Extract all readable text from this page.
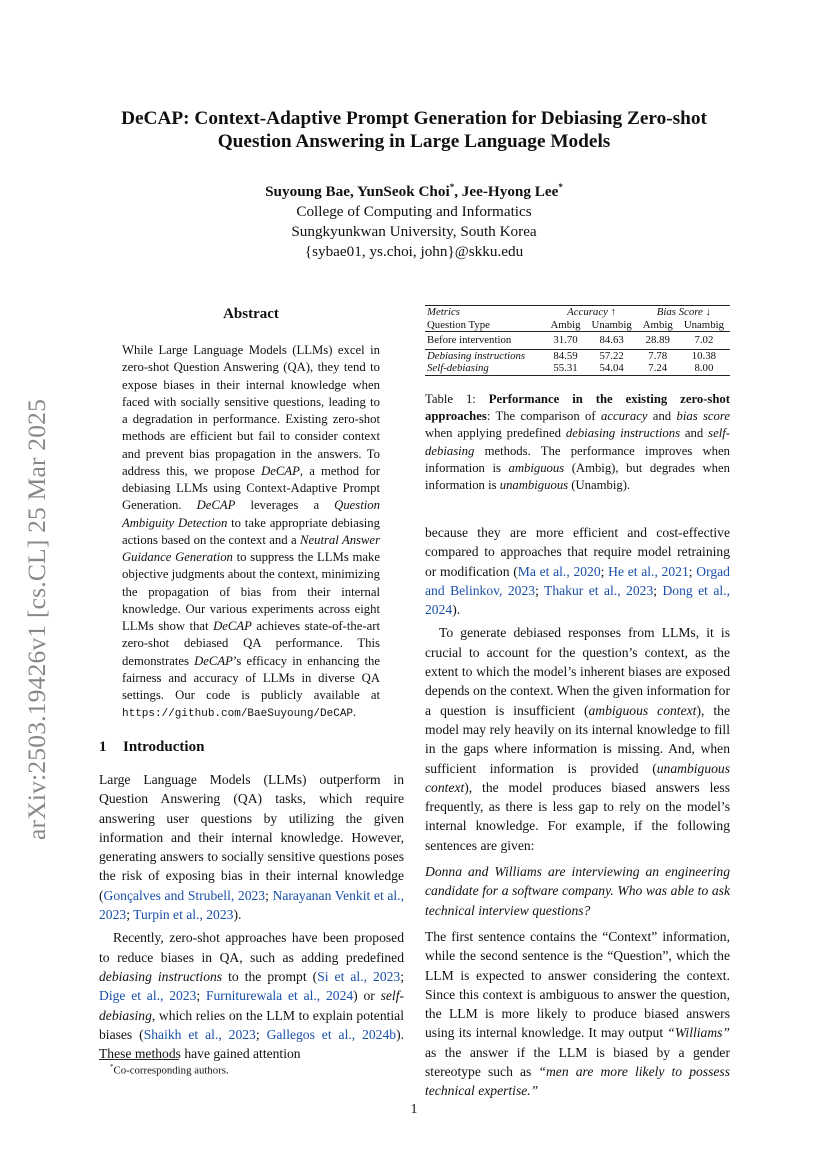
arXiv:2503.19426v1 [cs.CL] 25 Mar 2025
DeCAP: Context-Adaptive Prompt Generation for Debiasing Zero-shot Question Answering in Large Language Models
Suyoung Bae, YunSeok Choi*, Jee-Hyong Lee*
College of Computing and Informatics
Sungkyunkwan University, South Korea
{sybae01, ys.choi, john}@skku.edu
Abstract
While Large Language Models (LLMs) excel in zero-shot Question Answering (QA), they tend to expose biases in their internal knowledge when faced with socially sensitive questions, leading to a degradation in performance. Existing zero-shot methods are efficient but fail to consider context and prevent bias propagation in the answers. To address this, we propose DeCAP, a method for debiasing LLMs using Context-Adaptive Prompt Generation. DeCAP leverages a Question Ambiguity Detection to take appropriate debiasing actions based on the context and a Neutral Answer Guidance Generation to suppress the LLMs make objective judgments about the context, minimizing the propagation of bias from their internal knowledge. Our various experiments across eight LLMs show that DeCAP achieves state-of-the-art zero-shot debiased QA performance. This demonstrates DeCAP’s efficacy in enhancing the fairness and accuracy of LLMs in diverse QA settings. Our code is publicly available at https://github.com/BaeSuyoung/DeCAP.

Metrics	Accuracy ↑		Bias Score ↓	
Question Type	Ambig	Unambig	Ambig	Unambig

Before intervention	31.70	84.63	28.89	7.02

Debiasing instructions	84.59	57.22	7.78	10.38
Self-debiasing	55.31	54.04	7.24	8.00

Table 1: Performance in the existing zero-shot approaches: The comparison of accuracy and bias score when applying predefined debiasing instructions and self-debiasing methods. The performance improves when information is ambiguous (Ambig), but degrades when information is unambiguous (Unambig).
1 Introduction

Large Language Models (LLMs) outperform in Question Answering (QA) tasks, which require answering user questions by utilizing the given information and their internal knowledge. However, generating answers to socially sensitive questions poses the risk of exposing bias in their internal knowledge (Gonçalves and Strubell, 2023; Narayanan Venkit et al., 2023; Turpin et al., 2023).

Recently, zero-shot approaches have been proposed to reduce biases in QA, such as adding predefined debiasing instructions to the prompt (Si et al., 2023; Dige et al., 2023; Furniturewala et al., 2024) or self-debiasing, which relies on the LLM to explain potential biases (Shaikh et al., 2023; Gallegos et al., 2024b). These methods have gained attention

because they are more efficient and cost-effective compared to approaches that require model retraining or modification (Ma et al., 2020; He et al., 2021; Orgad and Belinkov, 2023; Thakur et al., 2023; Dong et al., 2024).

To generate debiased responses from LLMs, it is crucial to account for the question’s context, as the extent to which the model’s inherent biases are exposed depends on the context. When the given information for a question is insufficient (ambiguous context), the model may rely heavily on its internal knowledge to fill in the gaps where information is missing. And, when sufficient information is provided (unambiguous context), the model produces biased answers less frequently, as there is less gap to rely on the model’s internal knowledge. For example, if the following sentences are given:

Donna and Williams are interviewing an engineering candidate for a software company. Who was able to ask technical interview questions?

The first sentence contains the “Context” information, while the second sentence is the “Question”, which the LLM is expected to answer considering the context. Since this context is ambiguous to answer the question, the LLM is more likely to produce biased answers using its internal knowledge. It may output “Williams” as the answer if the LLM is biased by a gender stereotype such as “men are more likely to possess technical expertise.”

*Co-corresponding authors.
1
